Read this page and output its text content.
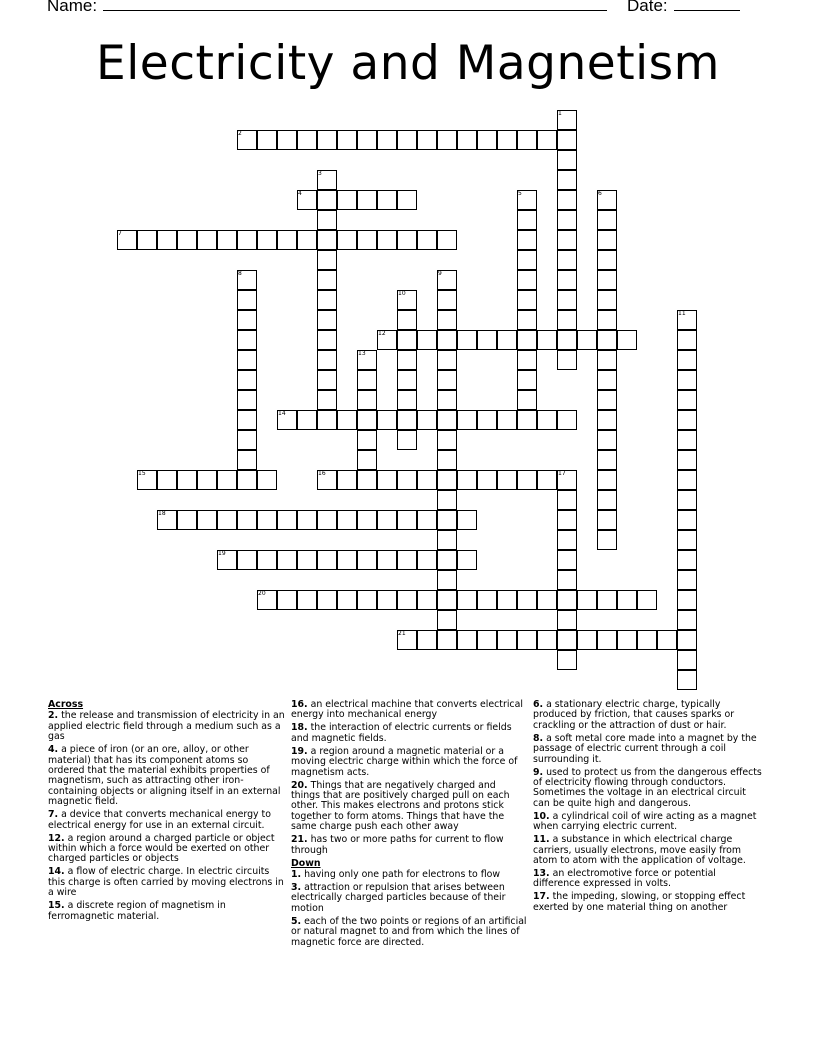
Name:	Date:
Electricity and Magnetism
1
2
3
4	5	6
7
8	9
10
11
12
13
14
15	16	17
18
19
20
21
Across
2. the release and transmission of electricity in an applied electric field through a medium such as a gas
4. a piece of iron (or an ore, alloy, or other material) that has its component atoms so ordered that the material exhibits properties of magnetism, such as attracting other iron-containing objects or aligning itself in an external magnetic field.
7. a device that converts mechanical energy to electrical energy for use in an external circuit.
12. a region around a charged particle or object within which a force would be exerted on other charged particles or objects
14. a flow of electric charge. In electric circuits this charge is often carried by moving electrons in a wire
15. a discrete region of magnetism in ferromagnetic material.
16. an electrical machine that converts electrical energy into mechanical energy
18. the interaction of electric currents or fields and magnetic fields.
19. a region around a magnetic material or a moving electric charge within which the force of magnetism acts.
20. Things that are negatively charged and things that are positively charged pull on each other. This makes electrons and protons stick together to form atoms. Things that have the same charge push each other away
21. has two or more paths for current to flow through
Down
1. having only one path for electrons to flow
3. attraction or repulsion that arises between electrically charged particles because of their motion
5. each of the two points or regions of an artificial or natural magnet to and from which the lines of magnetic force are directed.
6. a stationary electric charge, typically produced by friction, that causes sparks or crackling or the attraction of dust or hair.
8. a soft metal core made into a magnet by the passage of electric current through a coil surrounding it.
9. used to protect us from the dangerous effects of electricity flowing through conductors. Sometimes the voltage in an electrical circuit can be quite high and dangerous.
10. a cylindrical coil of wire acting as a magnet when carrying electric current.
11. a substance in which electrical charge carriers, usually electrons, move easily from atom to atom with the application of voltage.
13. an electromotive force or potential difference expressed in volts.
17. the impeding, slowing, or stopping effect exerted by one material thing on another
